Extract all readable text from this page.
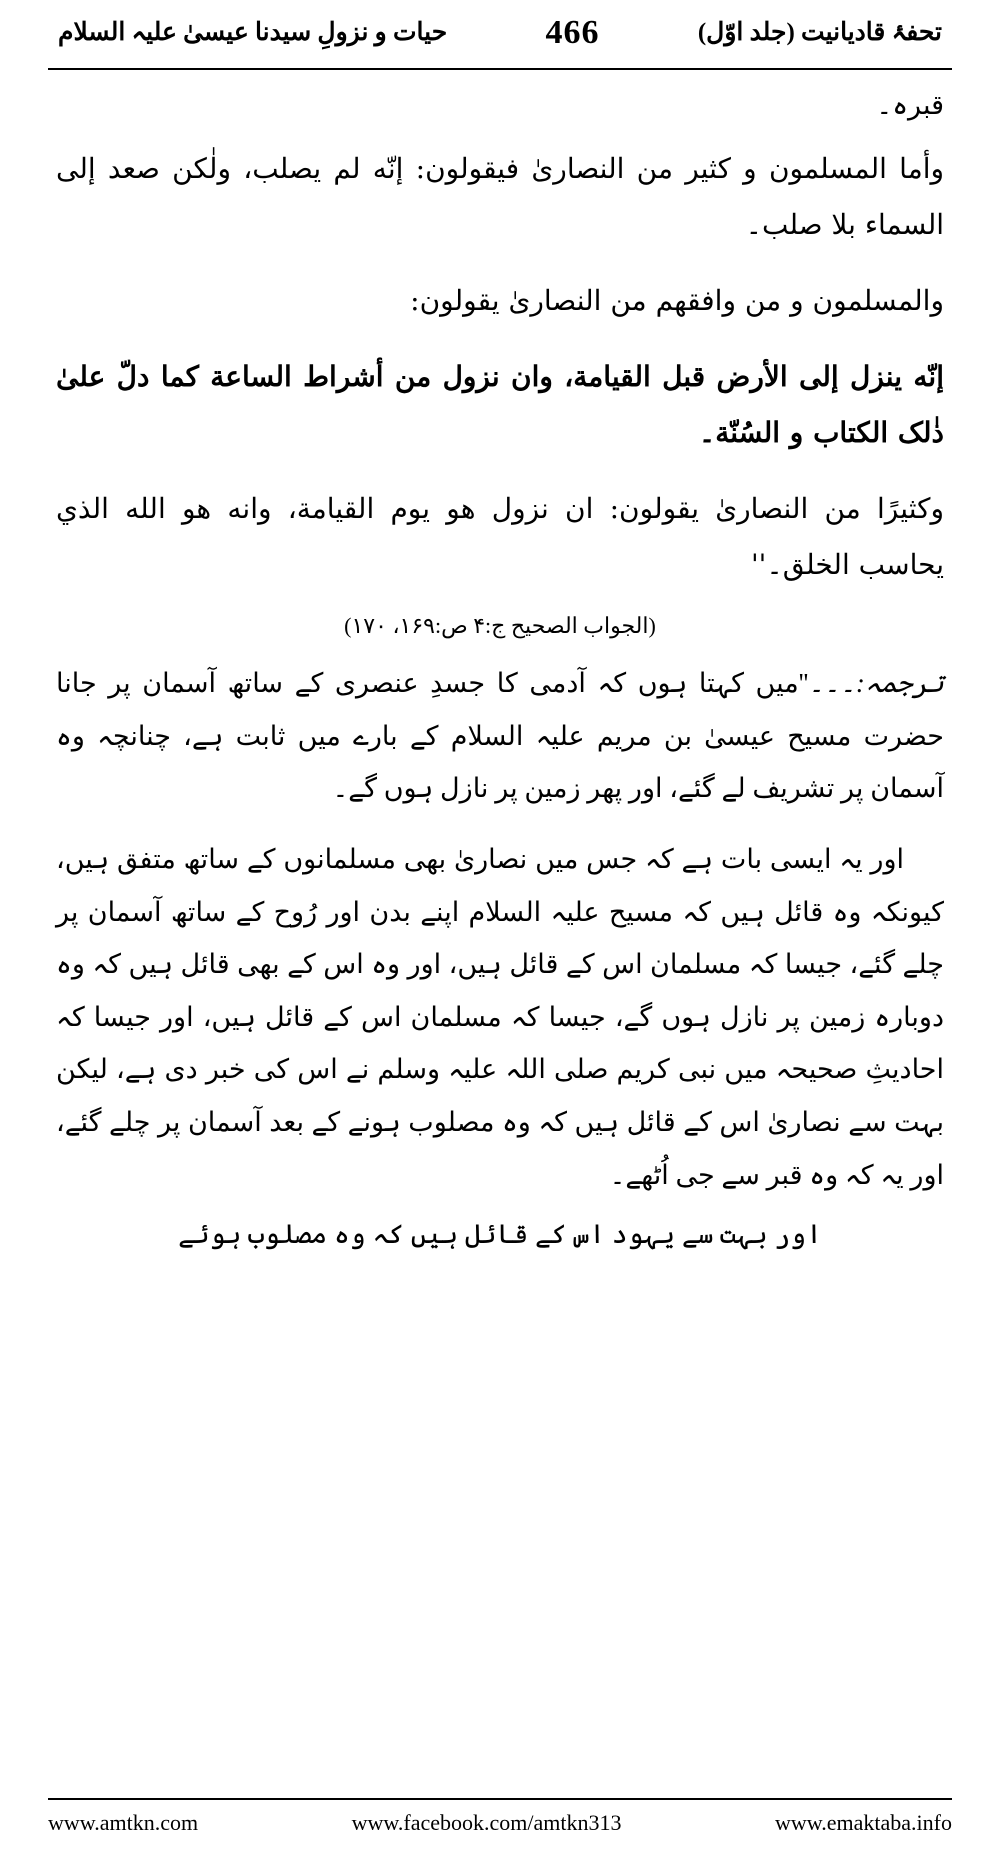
تحفۂ قادیانیت (جلد اوّل)
466
حیات و نزولِ سیدنا عیسیٰ علیہ السلام

قبرہ۔

وأما المسلمون و كثير من النصارىٰ فيقولون: إنّه لم يصلب، ولٰكن صعد إلى السماء بلا صلب۔

والمسلمون و من وافقهم من النصارىٰ يقولون:

إنّه ينزل إلى الأرض قبل القيامة، وان نزول من أشراط الساعة كما دلّ علىٰ ذٰلک الكتاب و السُنّة۔

وكثيرًا من النصارىٰ يقولون: ان نزول هو يوم القيامة، وانه هو الله الذي يحاسب الخلق۔''

(الجواب الصحيح ج:۴ ص:۱۶۹، ۱۷۰)

ترجمہ:۔۔۔''میں کہتا ہوں کہ آدمی کا جسدِ عنصری کے ساتھ آسمان پر جانا حضرت مسیح عیسیٰ بن مریم علیہ السلام کے بارے میں ثابت ہے، چنانچہ وہ آسمان پر تشریف لے گئے، اور پھر زمین پر نازل ہوں گے۔

اور یہ ایسی بات ہے کہ جس میں نصارىٰ بھی مسلمانوں کے ساتھ متفق ہیں، کیونکہ وہ قائل ہیں کہ مسیح علیہ السلام اپنے بدن اور رُوح کے ساتھ آسمان پر چلے گئے، جیسا کہ مسلمان اس کے قائل ہیں، اور وہ اس کے بھی قائل ہیں کہ وہ دوبارہ زمین پر نازل ہوں گے، جیسا کہ مسلمان اس کے قائل ہیں، اور جیسا کہ احادیثِ صحیحہ میں نبی کریم صلی اللہ علیہ وسلم نے اس کی خبر دی ہے، لیکن بہت سے نصارىٰ اس کے قائل ہیں کہ وہ مصلوب ہونے کے بعد آسمان پر چلے گئے، اور یہ کہ وہ قبر سے جی اُٹھے۔

اور بہت سے یہود اس کے قائل ہیں کہ وہ مصلوب ہوئے

www.amtkn.com	www.facebook.com/amtkn313	www.emaktaba.info
